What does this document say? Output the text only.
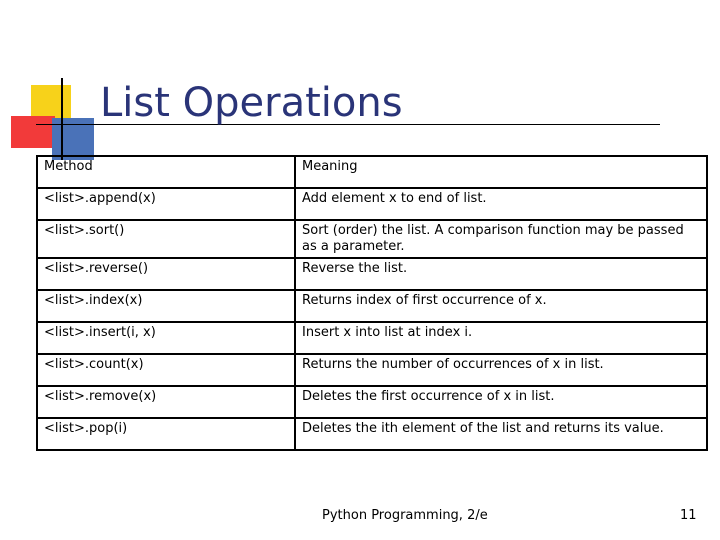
List Operations
Method	Meaning
<list>.append(x)	Add element x to end of list.
<list>.sort()	Sort (order) the list. A comparison function may be passed as a parameter.
<list>.reverse()	Reverse the list.
<list>.index(x)	Returns index of first occurrence of x.
<list>.insert(i, x)	Insert x into list at index i.
<list>.count(x)	Returns the number of occurrences of x in list.
<list>.remove(x)	Deletes the first occurrence of x in list.
<list>.pop(i)	Deletes the ith element of the list and returns its value.
Python Programming, 2/e	11
